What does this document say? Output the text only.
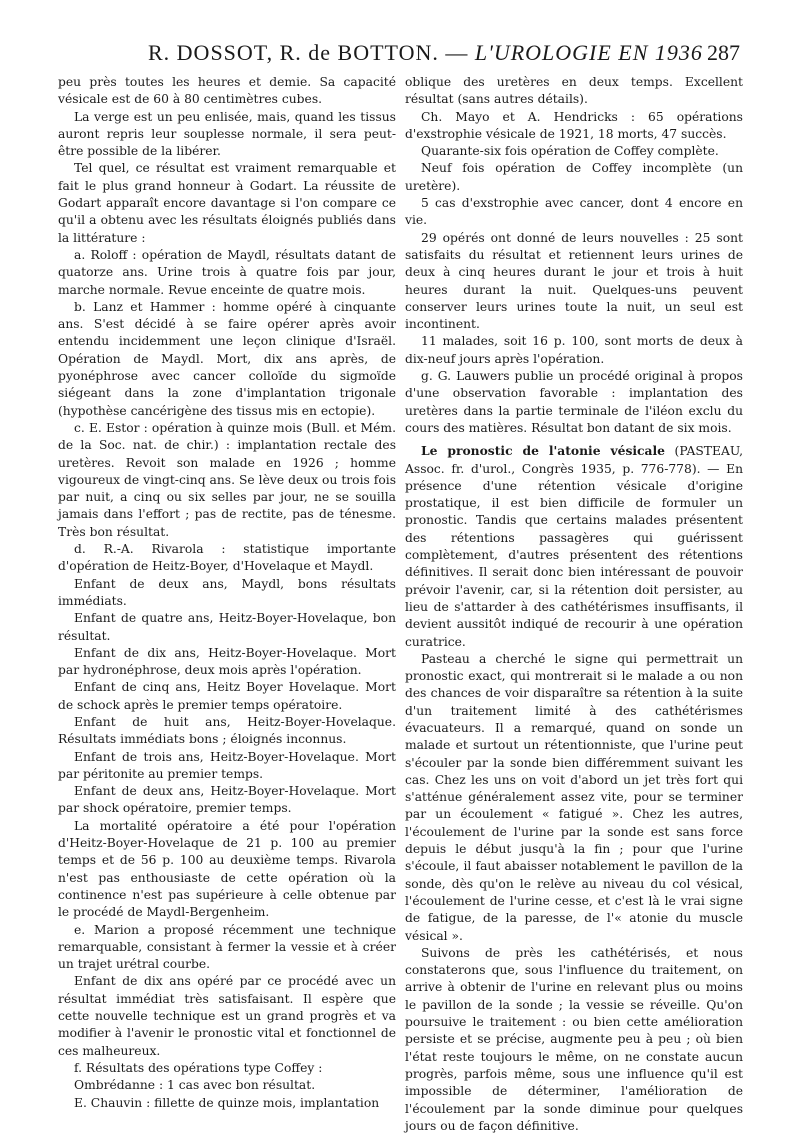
R. DOSSOT, R. de BOTTON. — L'UROLOGIE EN 1936 287

peu près toutes les heures et demie. Sa capacité vésicale est de 60 à 80 centimètres cubes.

La verge est un peu enlisée, mais, quand les tissus auront repris leur souplesse normale, il sera peut-être possible de la libérer.

Tel quel, ce résultat est vraiment remarquable et fait le plus grand honneur à Godart. La réussite de Godart apparaît encore davantage si l'on compare ce qu'il a obtenu avec les résultats éloignés publiés dans la littérature :

a. Roloff : opération de Maydl, résultats datant de quatorze ans. Urine trois à quatre fois par jour, marche normale. Revue enceinte de quatre mois.

b. Lanz et Hammer : homme opéré à cinquante ans. S'est décidé à se faire opérer après avoir entendu incidemment une leçon clinique d'Israël. Opération de Maydl. Mort, dix ans après, de pyonéphrose avec cancer colloïde du sigmoïde siégeant dans la zone d'implantation trigonale (hypothèse cancérigène des tissus mis en ectopie).

c. E. Estor : opération à quinze mois (Bull. et Mém. de la Soc. nat. de chir.) : implantation rectale des uretères. Revoit son malade en 1926 ; homme vigoureux de vingt-cinq ans. Se lève deux ou trois fois par nuit, a cinq ou six selles par jour, ne se souilla jamais dans l'effort ; pas de rectite, pas de ténesme. Très bon résultat.

d. R.-A. Rivarola : statistique importante d'opération de Heitz-Boyer, d'Hovelaque et Maydl.

Enfant de deux ans, Maydl, bons résultats immédiats.

Enfant de quatre ans, Heitz-Boyer-Hovelaque, bon résultat.

Enfant de dix ans, Heitz-Boyer-Hovelaque. Mort par hydronéphrose, deux mois après l'opération.

Enfant de cinq ans, Heitz Boyer Hovelaque. Mort de schock après le premier temps opératoire.

Enfant de huit ans, Heitz-Boyer-Hovelaque. Résultats immédiats bons ; éloignés inconnus.

Enfant de trois ans, Heitz-Boyer-Hovelaque. Mort par péritonite au premier temps.

Enfant de deux ans, Heitz-Boyer-Hovelaque. Mort par shock opératoire, premier temps.

La mortalité opératoire a été pour l'opération d'Heitz-Boyer-Hovelaque de 21 p. 100 au premier temps et de 56 p. 100 au deuxième temps. Rivarola n'est pas enthousiaste de cette opération où la continence n'est pas supérieure à celle obtenue par le procédé de Maydl-Bergenheim.

e. Marion a proposé récemment une technique remarquable, consistant à fermer la vessie et à créer un trajet urétral courbe.

Enfant de dix ans opéré par ce procédé avec un résultat immédiat très satisfaisant. Il espère que cette nouvelle technique est un grand progrès et va modifier à l'avenir le pronostic vital et fonctionnel de ces malheureux.

f. Résultats des opérations type Coffey :

Ombrédanne : 1 cas avec bon résultat.

E. Chauvin : fillette de quinze mois, implantation

oblique des uretères en deux temps. Excellent résultat (sans autres détails).

Ch. Mayo et A. Hendricks : 65 opérations d'exstrophie vésicale de 1921, 18 morts, 47 succès.

Quarante-six fois opération de Coffey complète.

Neuf fois opération de Coffey incomplète (un uretère).

5 cas d'exstrophie avec cancer, dont 4 encore en vie.

29 opérés ont donné de leurs nouvelles : 25 sont satisfaits du résultat et retiennent leurs urines de deux à cinq heures durant le jour et trois à huit heures durant la nuit. Quelques-uns peuvent conserver leurs urines toute la nuit, un seul est incontinent.

11 malades, soit 16 p. 100, sont morts de deux à dix-neuf jours après l'opération.

g. G. Lauwers publie un procédé original à propos d'une observation favorable : implantation des uretères dans la partie terminale de l'iléon exclu du cours des matières. Résultat bon datant de six mois.

Le pronostic de l'atonie vésicale (PASTEAU, Assoc. fr. d'urol., Congrès 1935, p. 776-778). — En présence d'une rétention vésicale d'origine prostatique, il est bien difficile de formuler un pronostic. Tandis que certains malades présentent des rétentions passagères qui guérissent complètement, d'autres présentent des rétentions définitives. Il serait donc bien intéressant de pouvoir prévoir l'avenir, car, si la rétention doit persister, au lieu de s'attarder à des cathétérismes insuffisants, il devient aussitôt indiqué de recourir à une opération curatrice.

Pasteau a cherché le signe qui permettrait un pronostic exact, qui montrerait si le malade a ou non des chances de voir disparaître sa rétention à la suite d'un traitement limité à des cathétérismes évacuateurs. Il a remarqué, quand on sonde un malade et surtout un rétentionniste, que l'urine peut s'écouler par la sonde bien différemment suivant les cas. Chez les uns on voit d'abord un jet très fort qui s'atténue généralement assez vite, pour se terminer par un écoulement « fatigué ». Chez les autres, l'écoulement de l'urine par la sonde est sans force depuis le début jusqu'à la fin ; pour que l'urine s'écoule, il faut abaisser notablement le pavillon de la sonde, dès qu'on le relève au niveau du col vésical, l'écoulement de l'urine cesse, et c'est là le vrai signe de fatigue, de la paresse, de l'« atonie du muscle vésical ».

Suivons de près les cathétérisés, et nous constaterons que, sous l'influence du traitement, on arrive à obtenir de l'urine en relevant plus ou moins le pavillon de la sonde ; la vessie se réveille. Qu'on poursuive le traitement : ou bien cette amélioration persiste et se précise, augmente peu à peu ; où bien l'état reste toujours le même, on ne constate aucun progrès, parfois même, sous une influence qu'il est impossible de déterminer, l'amélioration de l'écoulement par la sonde diminue pour quelques jours ou de façon définitive.
